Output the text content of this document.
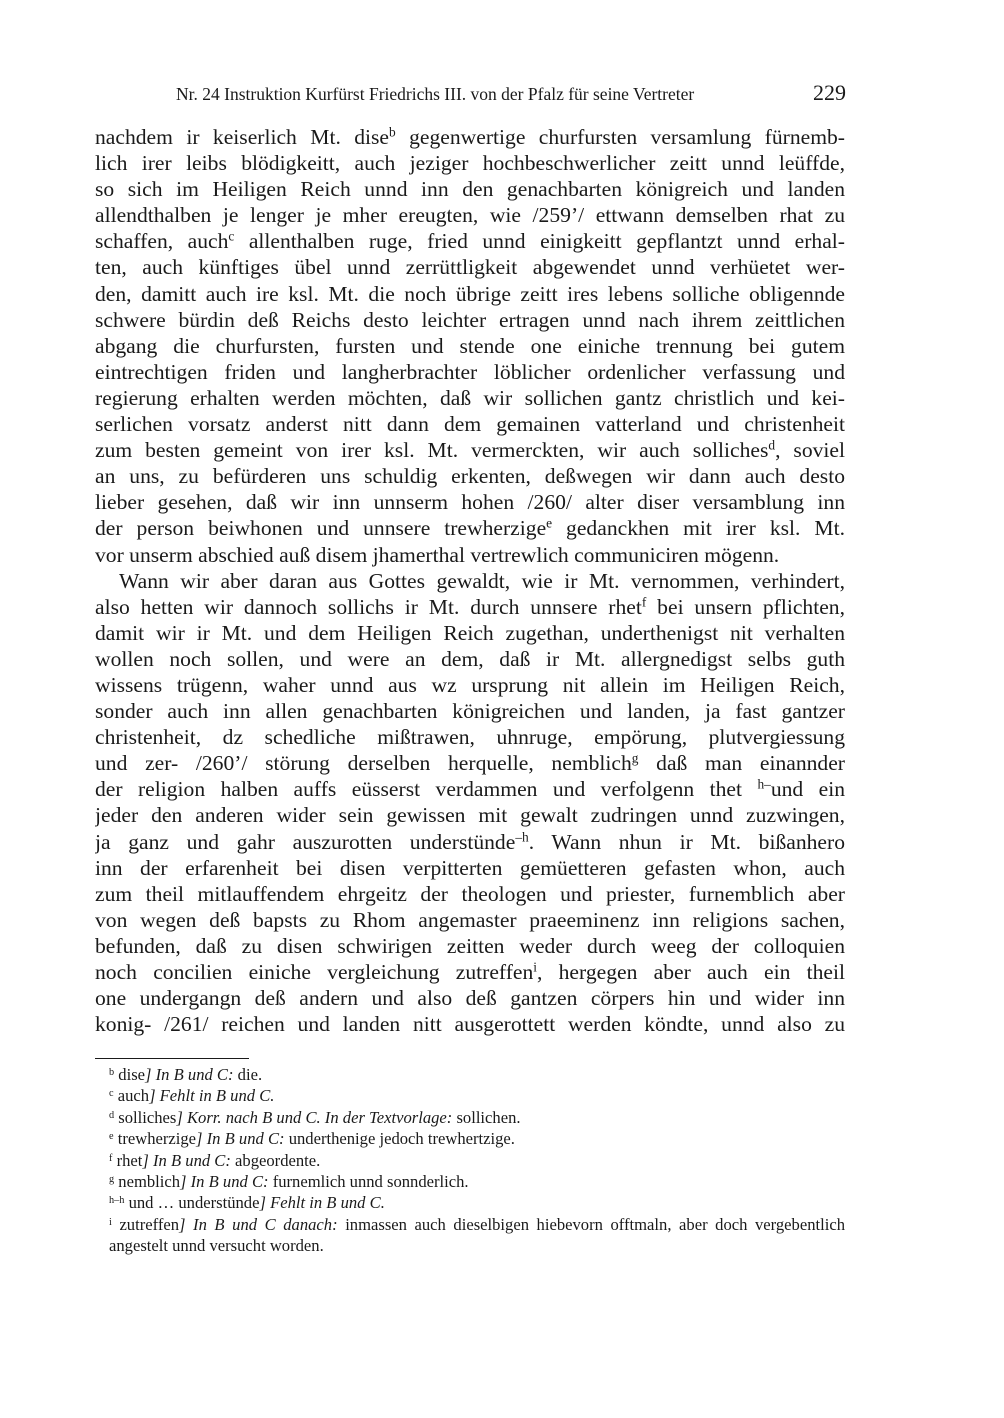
Nr. 24 Instruktion Kurfürst Friedrichs III. von der Pfalz für seine Vertreter	229
nachdem ir keiserlich Mt. dise$^b$ gegenwertige churfursten versamlung fürnemb-
lich irer leibs blödigkeitt, auch jeziger hochbeschwerlicher zeitt unnd leüffde,
so sich im Heiligen Reich unnd inn den genachbarten königreich und landen
allendthalben je lenger je mher ereugten, wie /259’/ ettwann demselben rhat zu
schaffen, auch$^c$ allenthalben ruge, fried unnd einigkeitt gepflantzt unnd erhal-
ten, auch künftiges übel unnd zerrüttligkeit abgewendet unnd verhüetet wer-
den, damitt auch ire ksl. Mt. die noch übrige zeitt ires lebens solliche obligennde
schwere bürdin deß Reichs desto leichter ertragen unnd nach ihrem zeittlichen
abgang die churfursten, fursten und stende one einiche trennung bei gutem
eintrechtigen friden und langherbrachter löblicher ordenlicher verfassung und
regierung erhalten werden möchten, daß wir sollichen gantz christlich und kei-
serlichen vorsatz anderst nitt dann dem gemainen vatterland und christenheit
zum besten gemeint von irer ksl. Mt. vermerckten, wir auch solliches$^d$, soviel
an uns, zu befürderen uns schuldig erkenten, deßwegen wir dann auch desto
lieber gesehen, daß wir inn unnserm hohen /260/ alter diser versamblung inn
der person beiwhonen und unnsere trewherzige$^e$ gedanckhen mit irer ksl. Mt.
vor unserm abschied auß disem jhamerthal vertrewlich communiciren mögenn.
Wann wir aber daran aus Gottes gewaldt, wie ir Mt. vernommen, verhindert,
also hetten wir dannoch sollichs ir Mt. durch unnsere rhet$^f$ bei unsern pflichten,
damit wir ir Mt. und dem Heiligen Reich zugethan, underthenigst nit verhalten
wollen noch sollen, und were an dem, daß ir Mt. allergnedigst selbs guth
wissens trügenn, waher unnd aus wz ursprung nit allein im Heiligen Reich,
sonder auch inn allen genachbarten königreichen und landen, ja fast gantzer
christenheit, dz schedliche mißtrawen, uhnruge, empörung, plutvergiessung
und zer- /260’/ störung derselben herquelle, nemblich$^g$ daß man einannder
der religion halben auffs eüsserst verdammen und verfolgenn thet $^{h-}$und ein
jeder den anderen wider sein gewissen mit gewalt zudringen unnd zuzwingen,
ja ganz und gahr auszurotten understünde$^{-h}$. Wann nhun ir Mt. bißanhero
inn der erfarenheit bei disen verpitterten gemüetteren gefasten whon, auch
zum theil mitlauffendem ehrgeitz der theologen und priester, furnemblich aber
von wegen deß bapsts zu Rhom angemaster praeeminenz inn religions sachen,
befunden, daß zu disen schwirigen zeitten weder durch weeg der colloquien
noch concilien einiche vergleichung zutreffen$^i$, hergegen aber auch ein theil
one undergangn deß andern und also deß gantzen cörpers hin und wider inn
konig- /261/ reichen und landen nitt ausgerottett werden köndte, unnd also zu
$^b$ dise] In B und C: die.
$^c$ auch] Fehlt in B und C.
$^d$ solliches] Korr. nach B und C. In der Textvorlage: sollichen.
$^e$ trewherzige] In B und C: underthenige jedoch trewhertzige.
$^f$ rhet] In B und C: abgeordente.
$^g$ nemblich] In B und C: furnemlich unnd sonnderlich.
$^{h-h}$ und … understünde] Fehlt in B und C.
$^i$ zutreffen] In B und C danach: inmassen auch dieselbigen hiebevorn offtmaln, aber doch vergebentlich angestelt unnd versucht worden.
